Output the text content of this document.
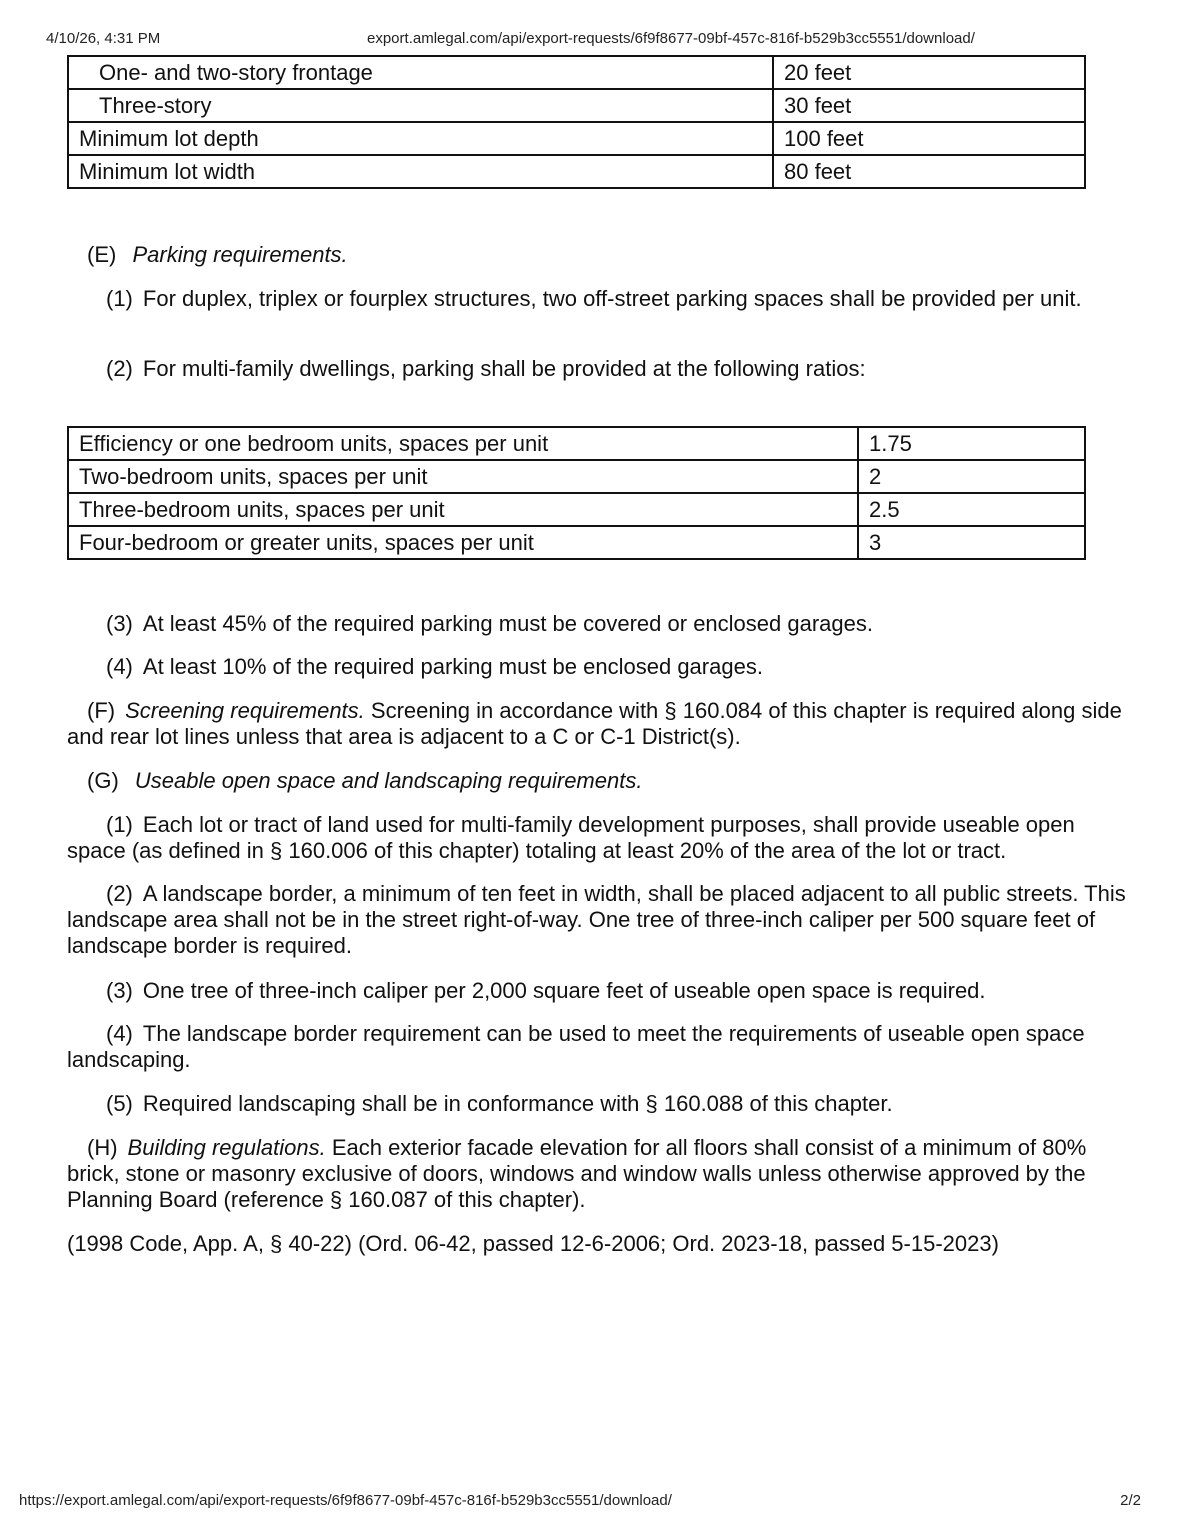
4/10/26, 4:31 PM	export.amlegal.com/api/export-requests/6f9f8677-09bf-457c-816f-b529b3cc5551/download/
One- and two-story frontage	20 feet
Three-story	30 feet
Minimum lot depth	100 feet
Minimum lot width	80 feet

(E) Parking requirements.

(1) For duplex, triplex or fourplex structures, two off-street parking spaces shall be provided per unit.

(2) For multi-family dwellings, parking shall be provided at the following ratios:

(3) At least 45% of the required parking must be covered or enclosed garages.

(4) At least 10% of the required parking must be enclosed garages.

(F) Screening requirements. Screening in accordance with § 160.084 of this chapter is required along side and rear lot lines unless that area is adjacent to a C or C-1 District(s).

(G) Useable open space and landscaping requirements.

(1) Each lot or tract of land used for multi-family development purposes, shall provide useable open space (as defined in § 160.006 of this chapter) totaling at least 20% of the area of the lot or tract.

(2) A landscape border, a minimum of ten feet in width, shall be placed adjacent to all public streets. This landscape area shall not be in the street right-of-way. One tree of three-inch caliper per 500 square feet of landscape border is required.

(3) One tree of three-inch caliper per 2,000 square feet of useable open space is required.

(4) The landscape border requirement can be used to meet the requirements of useable open space landscaping.

(5) Required landscaping shall be in conformance with § 160.088 of this chapter.

(H) Building regulations. Each exterior facade elevation for all floors shall consist of a minimum of 80% brick, stone or masonry exclusive of doors, windows and window walls unless otherwise approved by the Planning Board (reference § 160.087 of this chapter).

(1998 Code, App. A, § 40-22) (Ord. 06-42, passed 12-6-2006; Ord. 2023-18, passed 5-15-2023)

Efficiency or one bedroom units, spaces per unit	1.75
Two-bedroom units, spaces per unit	2
Three-bedroom units, spaces per unit	2.5
Four-bedroom or greater units, spaces per unit	3
https://export.amlegal.com/api/export-requests/6f9f8677-09bf-457c-816f-b529b3cc5551/download/	2/2
